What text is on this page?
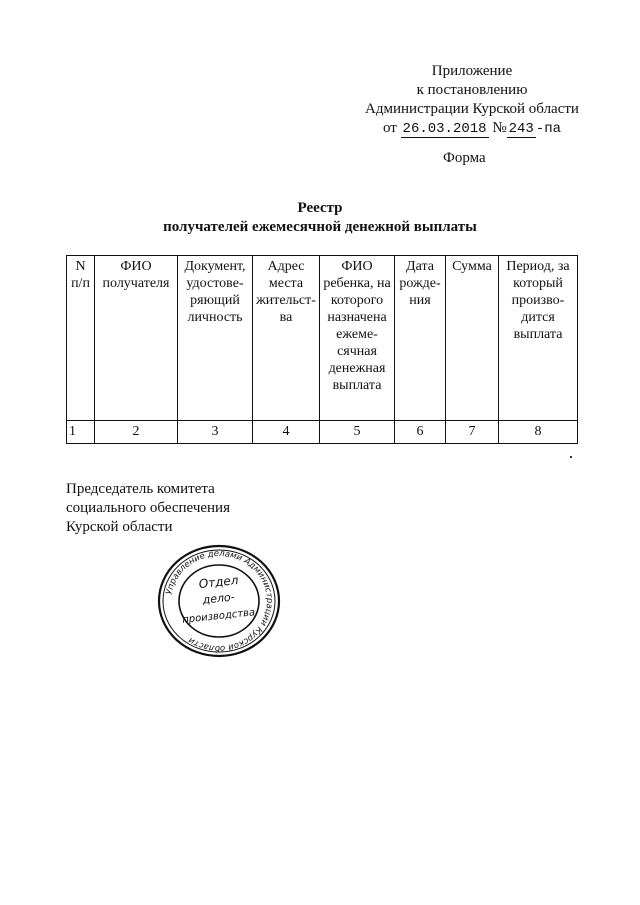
Приложение
к постановлению
Администрации Курской области
от 26.03.2018 № 243 -па
Форма
Реестр
получателей ежемесячной денежной выплаты
N п/п	ФИО получателя	Документ, удостове- ряющий личность	Адрес места жительст- ва	ФИО ребенка, на которого назначена ежеме- сячная денежная выплата	Дата рожде- ния	Сумма	Период, за который произво- дится выплата
1	2	3	4	5	6	7	8
Председатель комитета
социального обеспечения
Курской области
Управление делами Администрации Курской области
Отдел
дело-
производства
